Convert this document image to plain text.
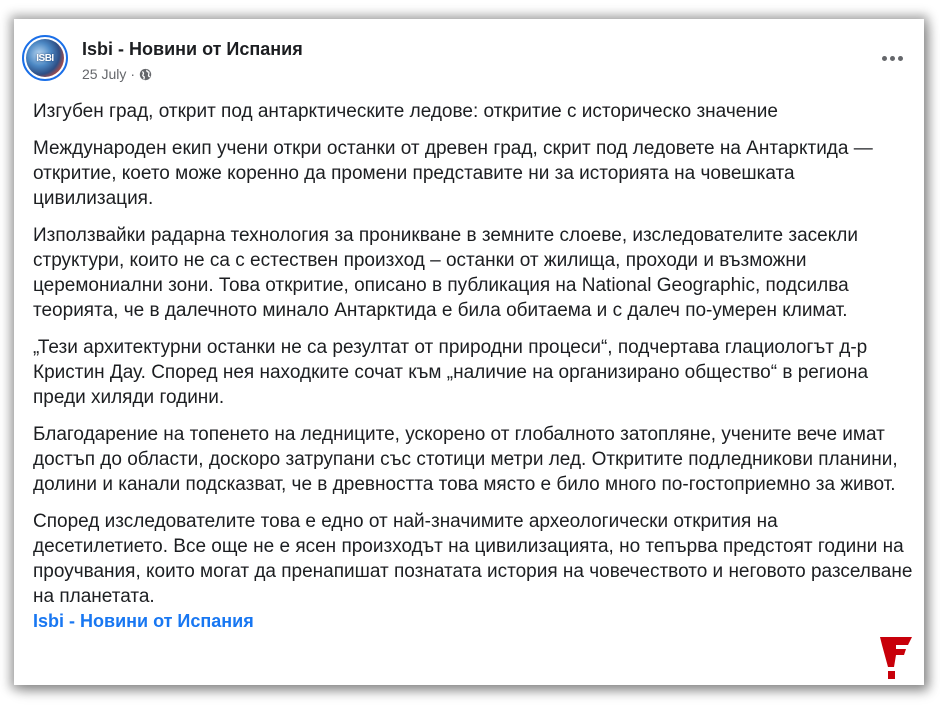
ISBI	Isbi - Новини от Испания
25 July ·

Изгубен град, открит под антарктическите ледове: откритие с историческо значение

Международен екип учени откри останки от древен град, скрит под ледовете на Антарктида — откритие, което може коренно да промени представите ни за историята на човешката цивилизация.

Използвайки радарна технология за проникване в земните слоеве, изследователите засекли структури, които не са с естествен произход – останки от жилища, проходи и възможни церемониални зони. Това откритие, описано в публикация на National Geographic, подсилва теорията, че в далечното минало Антарктида е била обитаема и с далеч по-умерен климат.

„Тези архитектурни останки не са резултат от природни процеси“, подчертава глациологът д-р Кристин Дау. Според нея находките сочат към „наличие на организирано общество“ в региона преди хиляди години.

Благодарение на топенето на ледниците, ускорено от глобалното затопляне, учените вече имат достъп до области, доскоро затрупани със стотици метри лед. Откритите подледникови планини, долини и канали подсказват, че в древността това място е било много по-гостоприемно за живот.

Според изследователите това е едно от най-значимите археологически открития на десетилетието. Все още не е ясен произходът на цивилизацията, но тепърва предстоят години на проучвания, които могат да пренапишат познатата история на човечеството и неговото разселване на планетата.

Isbi - Новини от Испания
